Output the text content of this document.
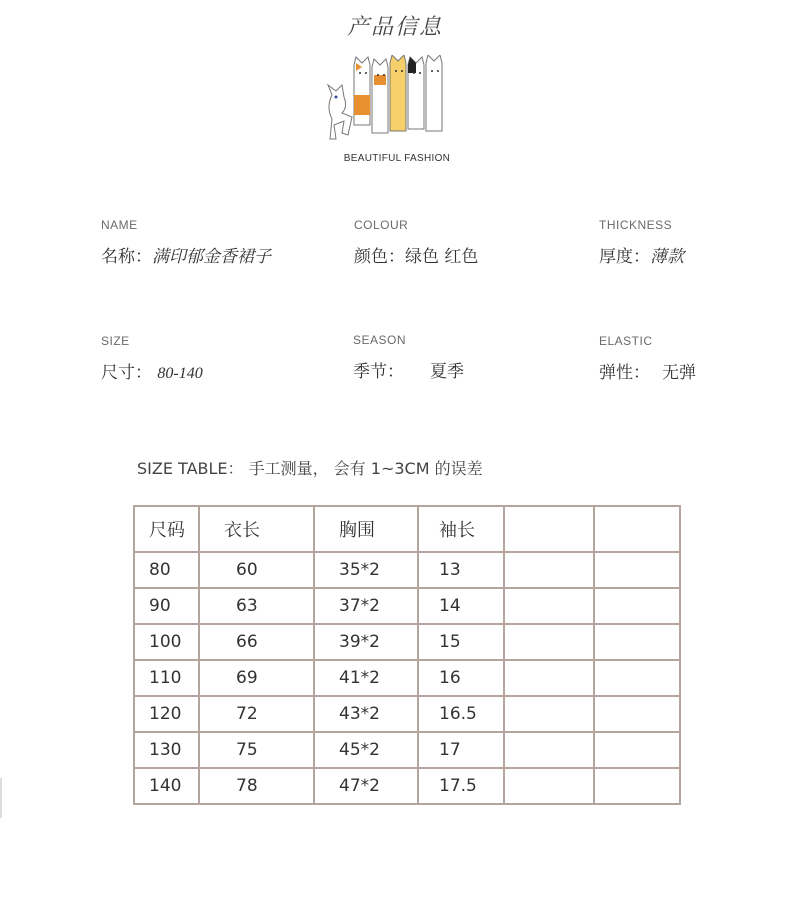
产品信息
BEAUTIFUL FASHION
NAME
名称：满印郁金香裙子
COLOUR
颜色：绿色 红色
THICKNESS
厚度：薄款
SIZE
尺寸： 80-140
SEASON
季节： 夏季
ELASTIC
弹性： 无弹
SIZE TABLE： 手工测量， 会有 1~3CM 的误差
尺码	衣长	胸围	袖长		
80	60	35*2	13		
90	63	37*2	14		
100	66	39*2	15		
110	69	41*2	16		
120	72	43*2	16.5		
130	75	45*2	17		
140	78	47*2	17.5		
